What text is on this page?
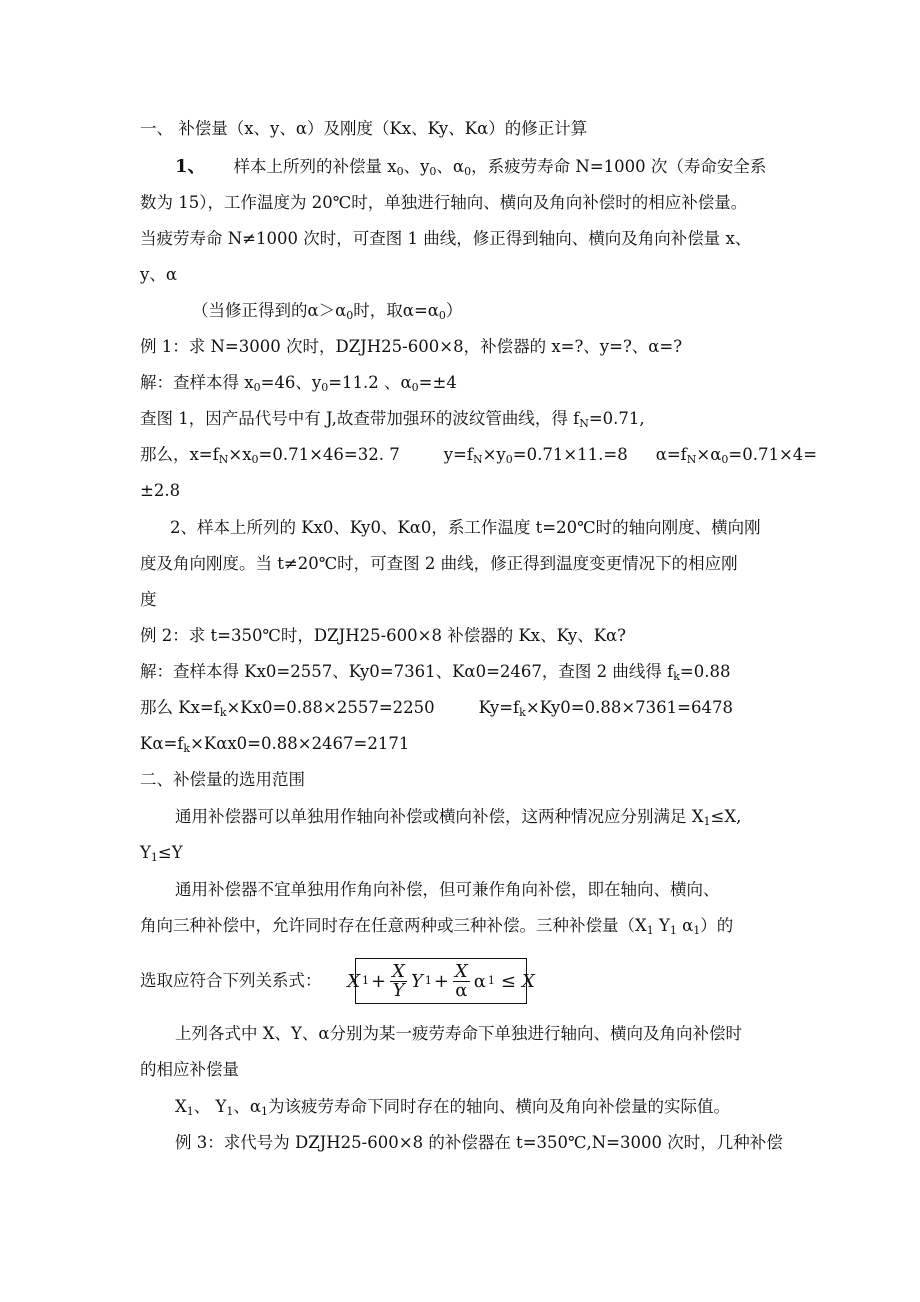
一、 补偿量（x、y、α）及刚度（Kx、Ky、Kα）的修正计算
1、 样本上所列的补偿量 $x_0$、$y_0$、$\alpha_0$，系疲劳寿命 N=1000 次（寿命安全系
数为 15），工作温度为 20℃时，单独进行轴向、横向及角向补偿时的相应补偿量。
当疲劳寿命 N≠1000 次时，可查图 1 曲线，修正得到轴向、横向及角向补偿量 x、
y、α
（当修正得到的$\alpha>\alpha_0$时，取$\alpha=\alpha_0$）
例 1：求 N=3000 次时，DZJH25-600×8，补偿器的 x=?、y=?、α=?
解：查样本得 $x_0=46$、$y_0=11.2$ 、$\alpha_0=\pm 4$
查图 1，因产品代号中有 J,故查带加强环的波纹管曲线，得 $f_N=0.71$,
那么，$x=f_N\times x_0=0.71\times 46=32$. 7	$y=f_N\times y_0=0.71\times 11.=8$ $\alpha=f_N\times\alpha_0=0.71\times 4=$
±2.8
2、样本上所列的 Kx0、Ky0、Kα0，系工作温度 t=20℃时的轴向刚度、横向刚
度及角向刚度。当 t≠20℃时，可查图 2 曲线，修正得到温度变更情况下的相应刚
度
例 2：求 t=350℃时，DZJH25-600×8 补偿器的 Kx、Ky、Kα?
解：查样本得 Kx0=2557、Ky0=7361、Kα0=2467，查图 2 曲线得 $f_k=0.88$
那么 $Kx=f_k\times Kx0=0.88\times 2557=2250$	$Ky=f_k\times Ky0=0.88\times 7361=6478$
$K\alpha=f_k\times K\alpha x0=0.88\times 2467=2171$
二、补偿量的选用范围
通用补偿器可以单独用作轴向补偿或横向补偿，这两种情况应分别满足 $X_1\le X$,
$Y_1\le Y$
通用补偿器不宜单独用作角向补偿，但可兼作角向补偿，即在轴向、横向、
角向三种补偿中，允许同时存在任意两种或三种补偿。三种补偿量（$X_1$ $Y_1$ $\alpha_1$）的
选取应符合下列关系式： X $1 + \frac{X}{Y}$ Y $1 + \frac{X}{\alpha}$ α 1 ≤ X
上列各式中 X、Y、α分别为某一疲劳寿命下单独进行轴向、横向及角向补偿时
的相应补偿量
$X_1$、 $Y_1$、$\alpha_1$为该疲劳寿命下同时存在的轴向、横向及角向补偿量的实际值。
例 3：求代号为 DZJH25-600×8 的补偿器在 t=350℃,N=3000 次时，几种补偿
